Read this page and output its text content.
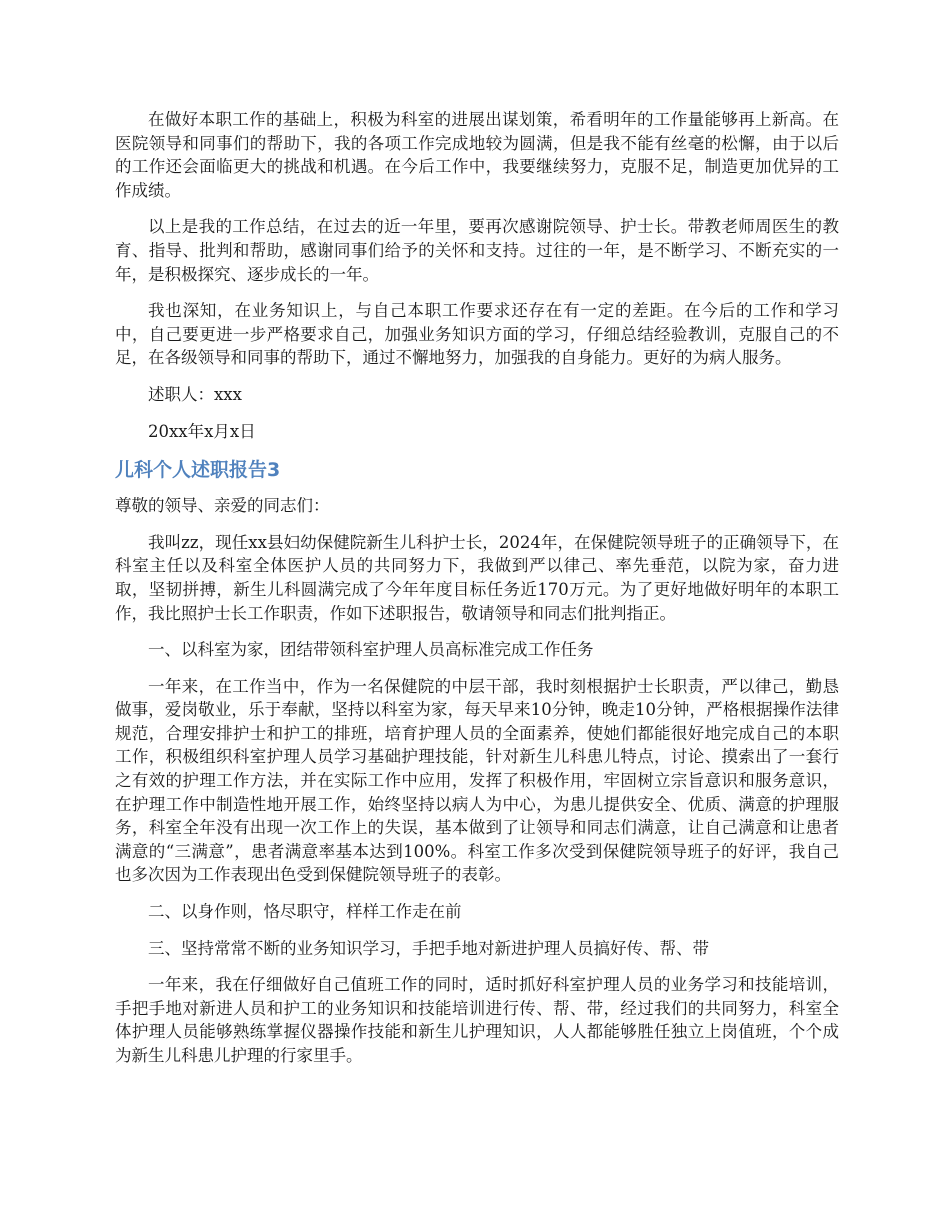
在做好本职工作的基础上，积极为科室的进展出谋划策，希看明年的工作量能够再上新高。在医院领导和同事们的帮助下，我的各项工作完成地较为圆满，但是我不能有丝毫的松懈，由于以后的工作还会面临更大的挑战和机遇。在今后工作中，我要继续努力，克服不足，制造更加优异的工作成绩。

以上是我的工作总结，在过去的近一年里，要再次感谢院领导、护士长。带教老师周医生的教育、指导、批判和帮助，感谢同事们给予的关怀和支持。过往的一年，是不断学习、不断充实的一年，是积极探究、逐步成长的一年。

我也深知，在业务知识上，与自己本职工作要求还存在有一定的差距。在今后的工作和学习中，自己要更进一步严格要求自己，加强业务知识方面的学习，仔细总结经验教训，克服自己的不足，在各级领导和同事的帮助下，通过不懈地努力，加强我的自身能力。更好的为病人服务。

述职人：xxx

20xx年x月x日

儿科个人述职报告3

尊敬的领导、亲爱的同志们：

我叫zz，现任xx县妇幼保健院新生儿科护士长，2024年，在保健院领导班子的正确领导下，在科室主任以及科室全体医护人员的共同努力下，我做到严以律己、率先垂范，以院为家，奋力进取，坚韧拼搏，新生儿科圆满完成了今年年度目标任务近170万元。为了更好地做好明年的本职工作，我比照护士长工作职责，作如下述职报告，敬请领导和同志们批判指正。

一、以科室为家，团结带领科室护理人员高标准完成工作任务

一年来，在工作当中，作为一名保健院的中层干部，我时刻根据护士长职责，严以律己，勤恳做事，爱岗敬业，乐于奉献，坚持以科室为家，每天早来10分钟，晚走10分钟，严格根据操作法律规范，合理安排护士和护工的排班，培育护理人员的全面素养，使她们都能很好地完成自己的本职工作，积极组织科室护理人员学习基础护理技能，针对新生儿科患儿特点，讨论、摸索出了一套行之有效的护理工作方法，并在实际工作中应用，发挥了积极作用，牢固树立宗旨意识和服务意识，在护理工作中制造性地开展工作，始终坚持以病人为中心，为患儿提供安全、优质、满意的护理服务，科室全年没有出现一次工作上的失误，基本做到了让领导和同志们满意，让自己满意和让患者满意的“三满意”，患者满意率基本达到100%。科室工作多次受到保健院领导班子的好评，我自己也多次因为工作表现出色受到保健院领导班子的表彰。

二、以身作则，恪尽职守，样样工作走在前

三、坚持常常不断的业务知识学习，手把手地对新进护理人员搞好传、帮、带

一年来，我在仔细做好自己值班工作的同时，适时抓好科室护理人员的业务学习和技能培训，手把手地对新进人员和护工的业务知识和技能培训进行传、帮、带，经过我们的共同努力，科室全体护理人员能够熟练掌握仪器操作技能和新生儿护理知识，人人都能够胜任独立上岗值班，个个成为新生儿科患儿护理的行家里手。
